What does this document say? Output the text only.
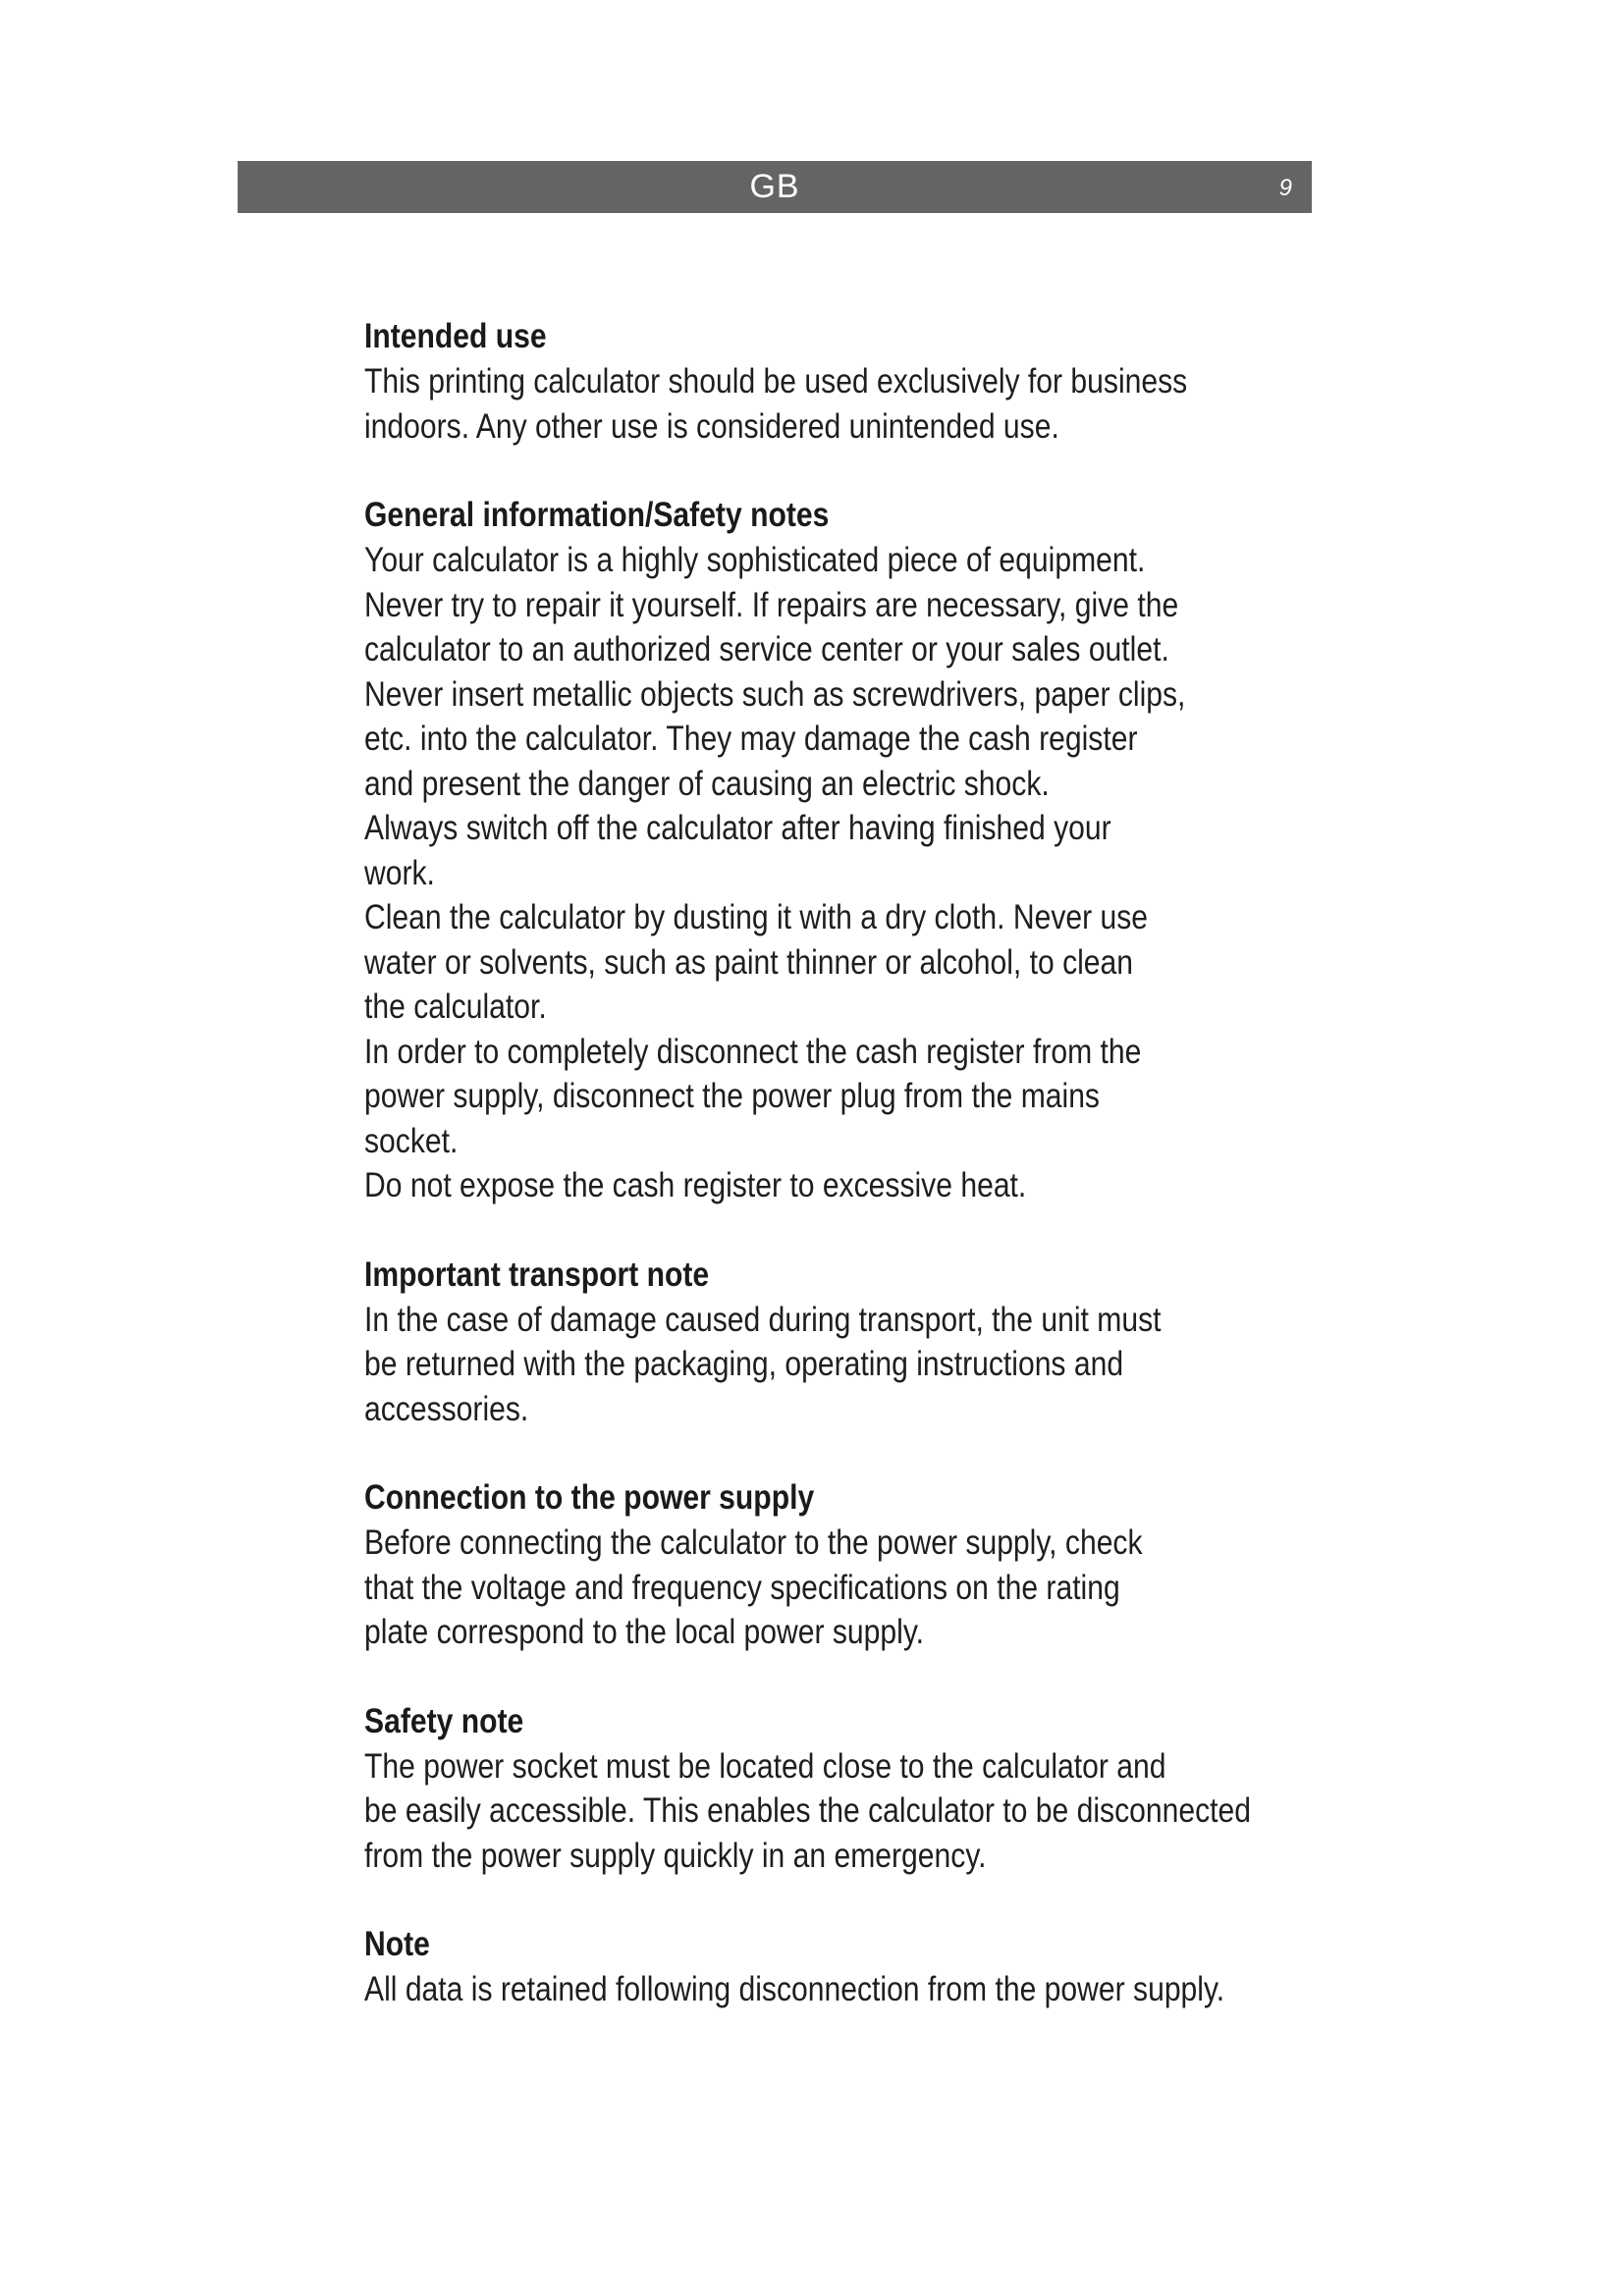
GB	9
Intended use
This printing calculator should be used exclusively for business
indoors. Any other use is considered unintended use.
General information/Safety notes
Your calculator is a highly sophisticated piece of equipment.
Never try to repair it yourself. If repairs are necessary, give the
calculator to an authorized service center or your sales outlet.
Never insert metallic objects such as screwdrivers, paper clips,
etc. into the calculator. They may damage the cash register
and present the danger of causing an electric shock.
Always switch off the calculator after having finished your
work.
Clean the calculator by dusting it with a dry cloth. Never use
water or solvents, such as paint thinner or alcohol, to clean
the calculator.
In order to completely disconnect the cash register from the
power supply, disconnect the power plug from the mains
socket.
Do not expose the cash register to excessive heat.
Important transport note
In the case of damage caused during transport, the unit must
be returned with the packaging, operating instructions and
accessories.
Connection to the power supply
Before connecting the calculator to the power supply, check
that the voltage and frequency specifications on the rating
plate correspond to the local power supply.
Safety note
The power socket must be located close to the calculator and
be easily accessible. This enables the calculator to be disconnected
from the power supply quickly in an emergency.
Note
All data is retained following disconnection from the power supply.
